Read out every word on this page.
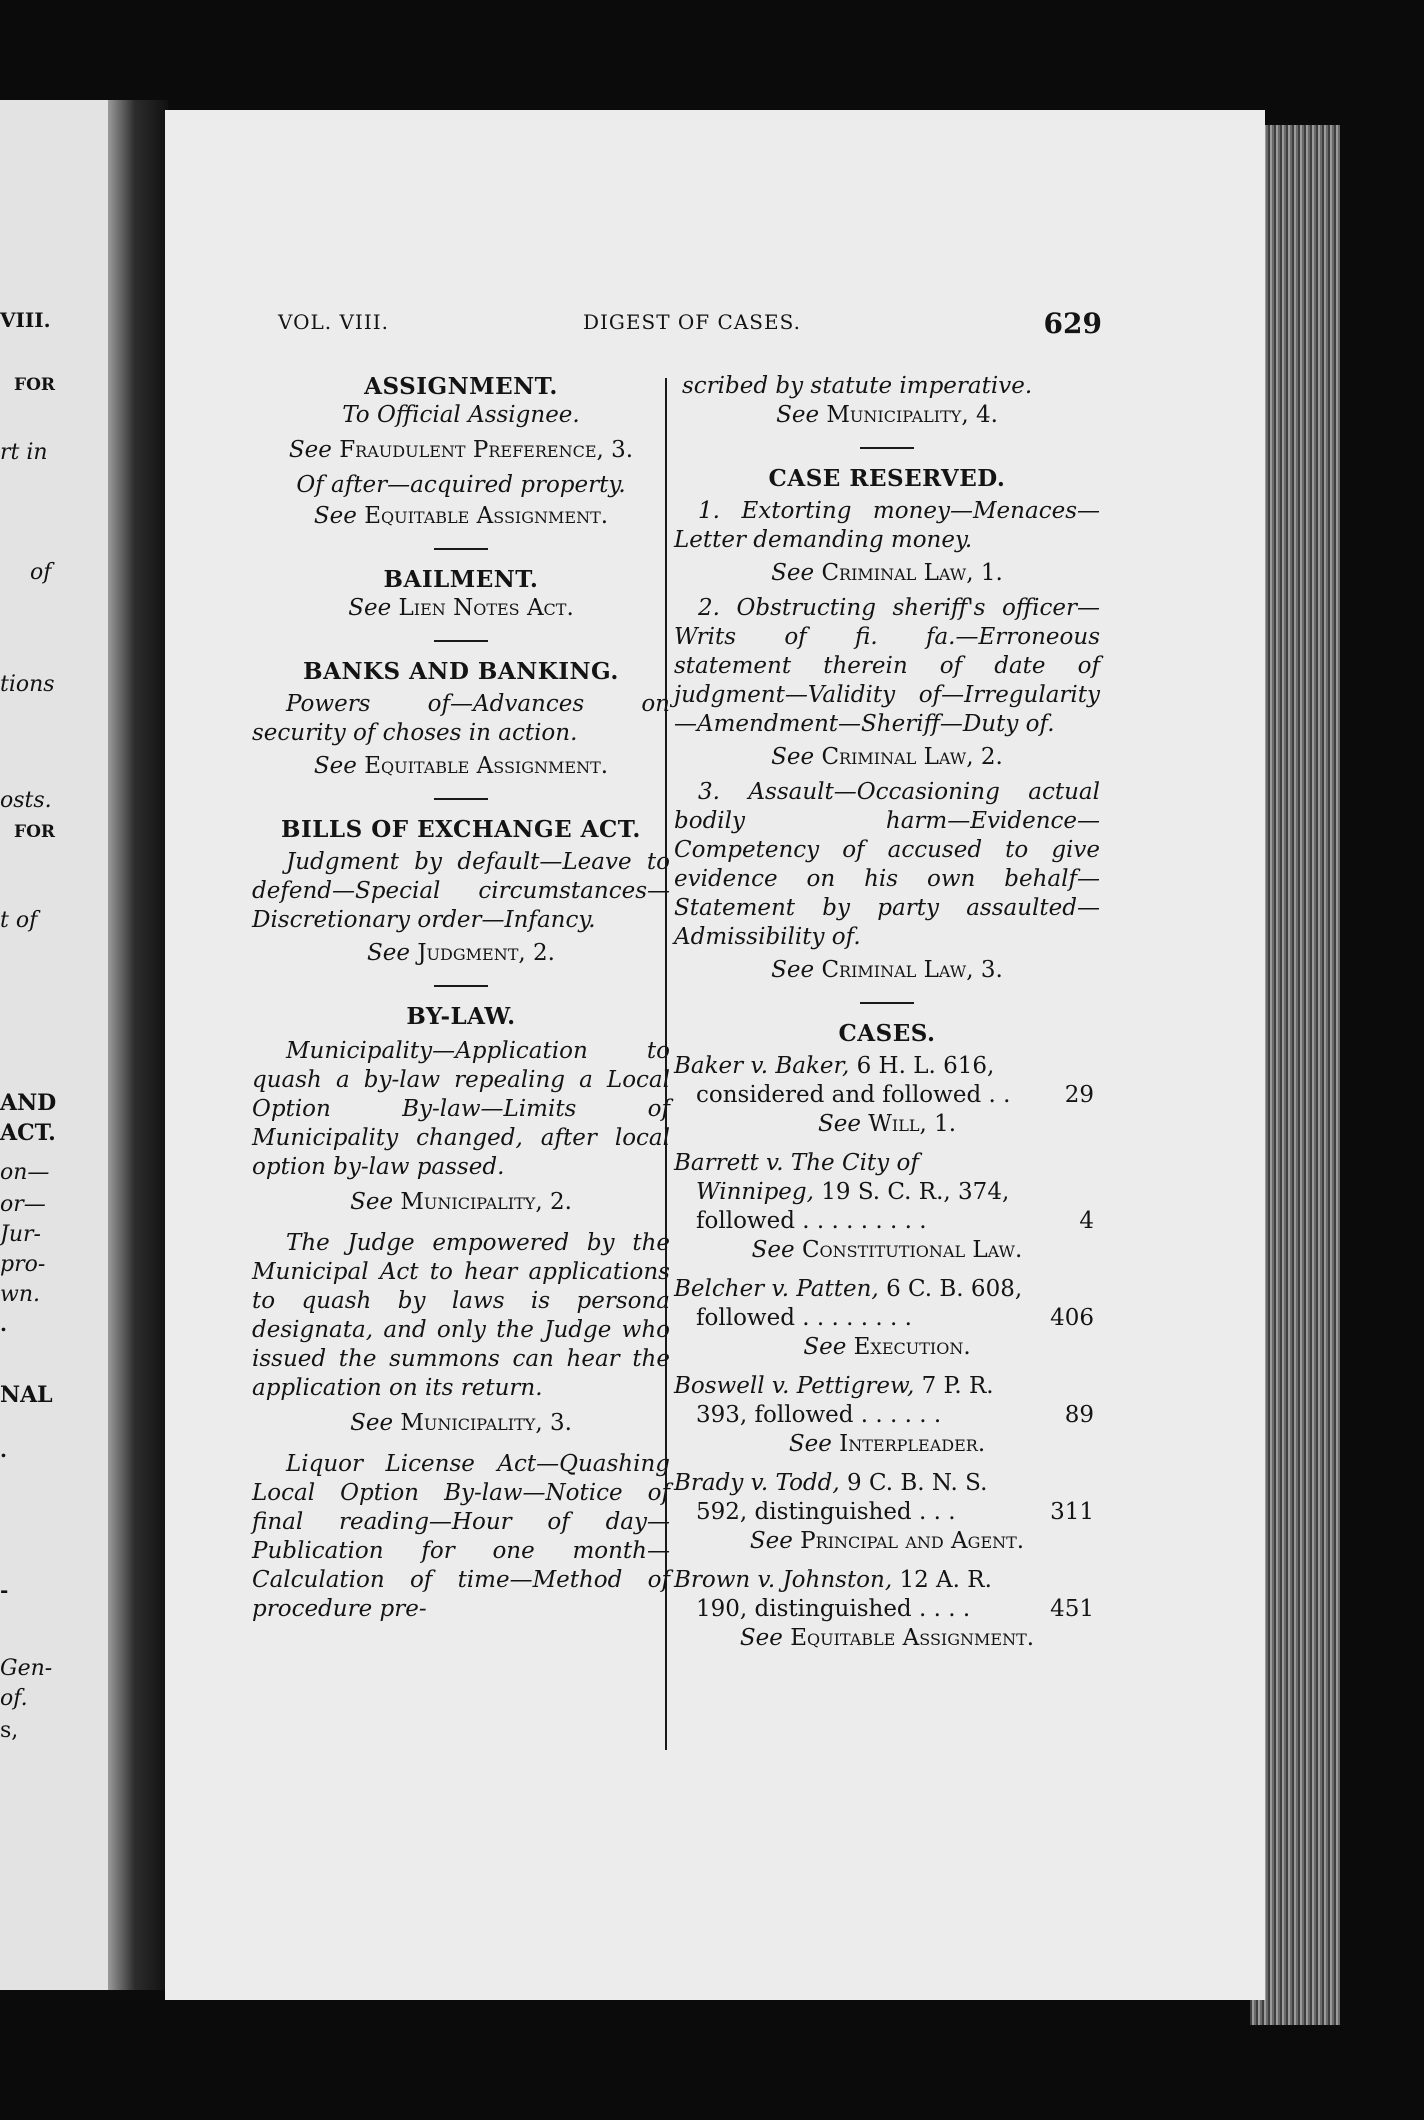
VIII.
FOR
rt in
of
tions
osts.
FOR
t of
AND
ACT.
on—
or—
Jur-
pro-
wn.
.
NAL
.
-
Gen-
of.
s,
VOL. VIII.	DIGEST OF CASES.	629
ASSIGNMENT.
To Official Assignee.
See Fraudulent Preference, 3.
Of after—acquired property.
See Equitable Assignment.
BAILMENT.
See Lien Notes Act.
BANKS AND BANKING.
Powers of—Advances on security of choses in action.
See Equitable Assignment.
BILLS OF EXCHANGE ACT.
Judgment by default—Leave to defend—Special circumstances—Discretionary order—Infancy.
See Judgment, 2.
BY-LAW.
Municipality—Application to quash a by-law repealing a Local Option By-law—Limits of Municipality changed, after local option by-law passed.
See Municipality, 2.
The Judge empowered by the Municipal Act to hear applications to quash by laws is persona designata, and only the Judge who issued the summons can hear the application on its return.
See Municipality, 3.
Liquor License Act—Quashing Local Option By-law—Notice of final reading—Hour of day—Publication for one month—Calculation of time—Method of procedure pre-
scribed by statute imperative.
See Municipality, 4.
CASE RESERVED.
1. Extorting money—Menaces—Letter demanding money.
See Criminal Law, 1.
2. Obstructing sheriff's officer—Writs of fi. fa.—Erroneous statement therein of date of judgment—Validity of—Irregularity—Amendment—Sheriff—Duty of.
See Criminal Law, 2.
3. Assault—Occasioning actual bodily harm—Evidence—Competency of accused to give evidence on his own behalf—Statement by party assaulted—Admissibility of.
See Criminal Law, 3.
CASES.
Baker v. Baker, 6 H. L. 616, considered and followed . . 29
See Will, 1.
Barrett v. The City of Winnipeg, 19 S. C. R., 374, followed . . . . . . . . .	4
See Constitutional Law.
Belcher v. Patten, 6 C. B. 608, followed . . . . . . . .	406
See Execution.
Boswell v. Pettigrew, 7 P. R. 393, followed . . . . . .	89
See Interpleader.
Brady v. Todd, 9 C. B. N. S. 592, distinguished . . .	311
See Principal and Agent.
Brown v. Johnston, 12 A. R. 190, distinguished . . . .	451
See Equitable Assignment.
